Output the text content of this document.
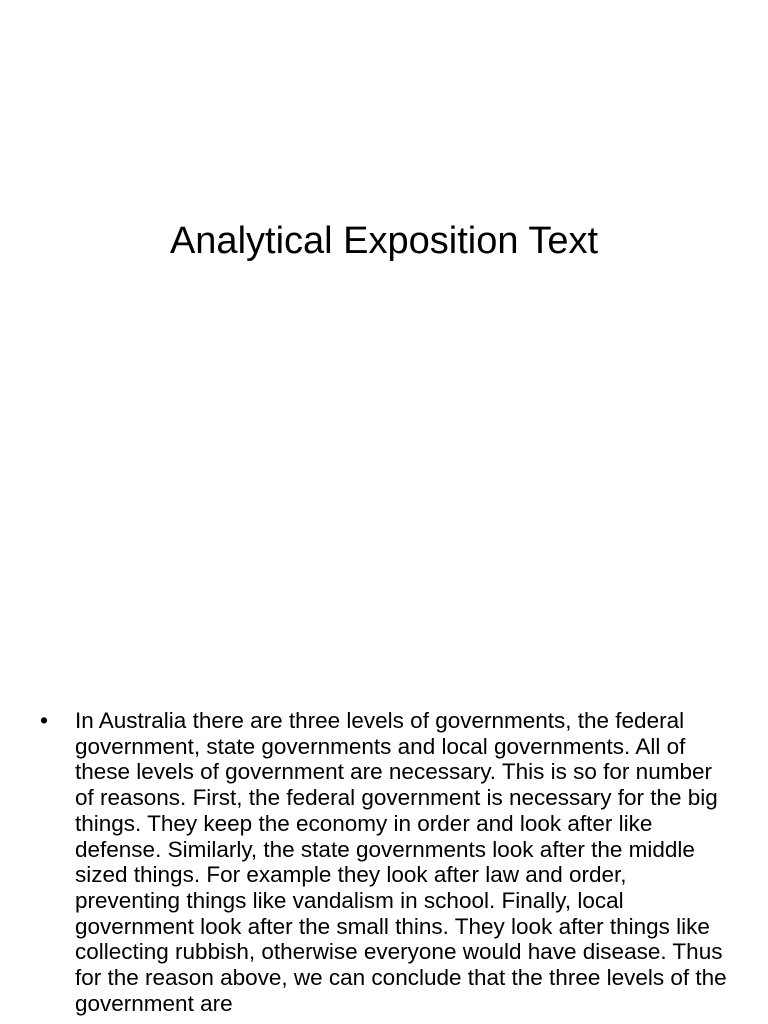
Analytical Exposition Text
•	In Australia there are three levels of governments, the federal government, state governments and local governments. All of these levels of government are necessary. This is so for number of reasons. First, the federal government is necessary for the big things. They keep the economy in order and look after like defense. Similarly, the state governments look after the middle sized things. For example they look after law and order, preventing things like vandalism in school. Finally, local government look after the small thins. They look after things like collecting rubbish, otherwise everyone would have disease. Thus for the reason above, we can conclude that the three levels of the government are
